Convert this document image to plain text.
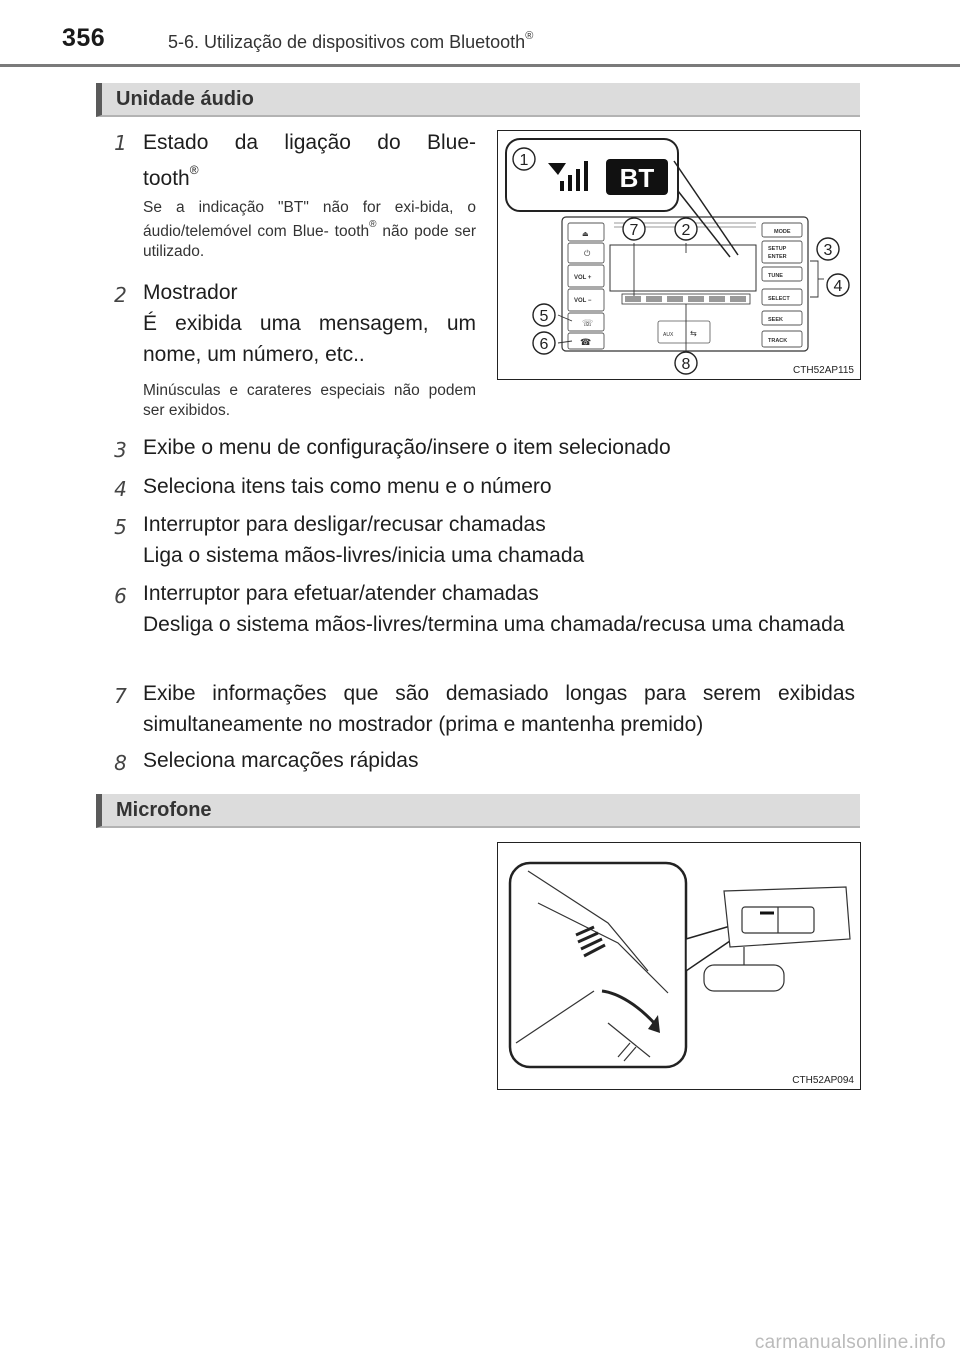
356	5-6. Utilização de dispositivos com Bluetooth®
Unidade áudio
1 Estado da ligação do Blue-
tooth®
Se a indicação "BT" não for exi-bida, o áudio/telemóvel com Blue- tooth® não pode ser utilizado.
2 Mostrador
É exibida uma mensagem, um nome, um número, etc..
Minúsculas e carateres especiais não podem ser exibidos.
3 Exibe o menu de configuração/insere o item selecionado
4 Seleciona itens tais como menu e o número
5 Interruptor para desligar/recusar chamadas
Liga o sistema mãos-livres/inicia uma chamada
6 Interruptor para efetuar/atender chamadas
Desliga o sistema mãos-livres/termina uma chamada/recusa uma chamada
7 Exibe informações que são demasiado longas para serem exibidas simultaneamente no mostrador (prima e mantenha premido)
8 Seleciona marcações rápidas
⏏
⏻
VOL +
VOL −
☏
☎
AUX ⇆
MODE
SETUP
ENTER
TUNE
SELECT
SEEK
TRACK
BT
1
2
3
4
5
6
7
8	CTH52AP115
Microfone
CTH52AP094
carmanualsonline.info
